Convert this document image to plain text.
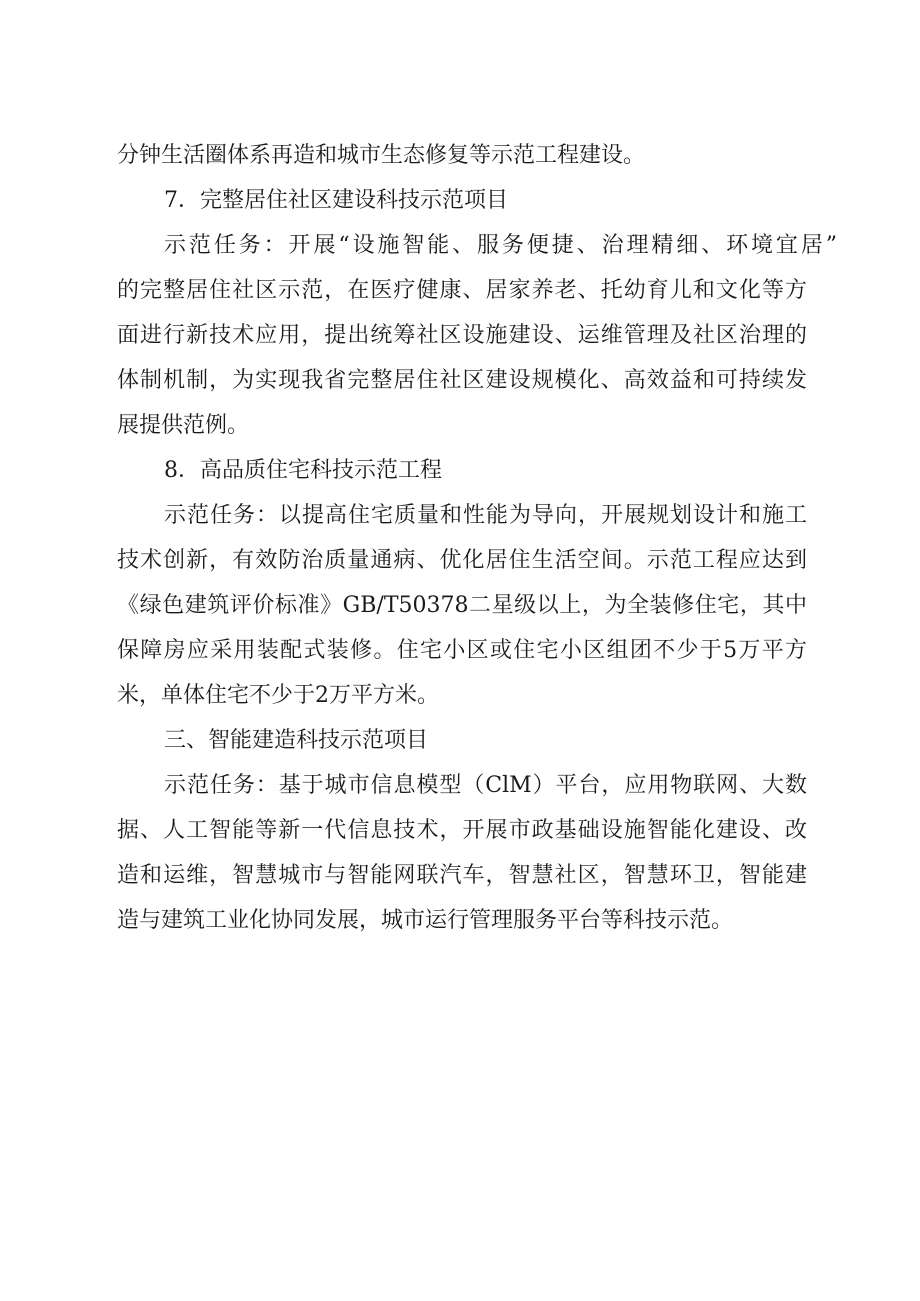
分钟生活圈体系再造和城市生态修复等示范工程建设。
7．完整居住社区建设科技示范项目
示范任务：开展“设施智能、服务便捷、治理精细、环境宜居”
的完整居住社区示范，在医疗健康、居家养老、托幼育儿和文化等方
面进行新技术应用，提出统筹社区设施建设、运维管理及社区治理的
体制机制，为实现我省完整居住社区建设规模化、高效益和可持续发
展提供范例。
8．高品质住宅科技示范工程
示范任务：以提高住宅质量和性能为导向，开展规划设计和施工
技术创新，有效防治质量通病、优化居住生活空间。示范工程应达到
《绿色建筑评价标准》GB/T50378二星级以上，为全装修住宅，其中
保障房应采用装配式装修。住宅小区或住宅小区组团不少于5万平方
米，单体住宅不少于2万平方米。
三、智能建造科技示范项目
示范任务：基于城市信息模型（ClM）平台，应用物联网、大数
据、人工智能等新一代信息技术，开展市政基础设施智能化建设、改
造和运维，智慧城市与智能网联汽车，智慧社区，智慧环卫，智能建
造与建筑工业化协同发展，城市运行管理服务平台等科技示范。
